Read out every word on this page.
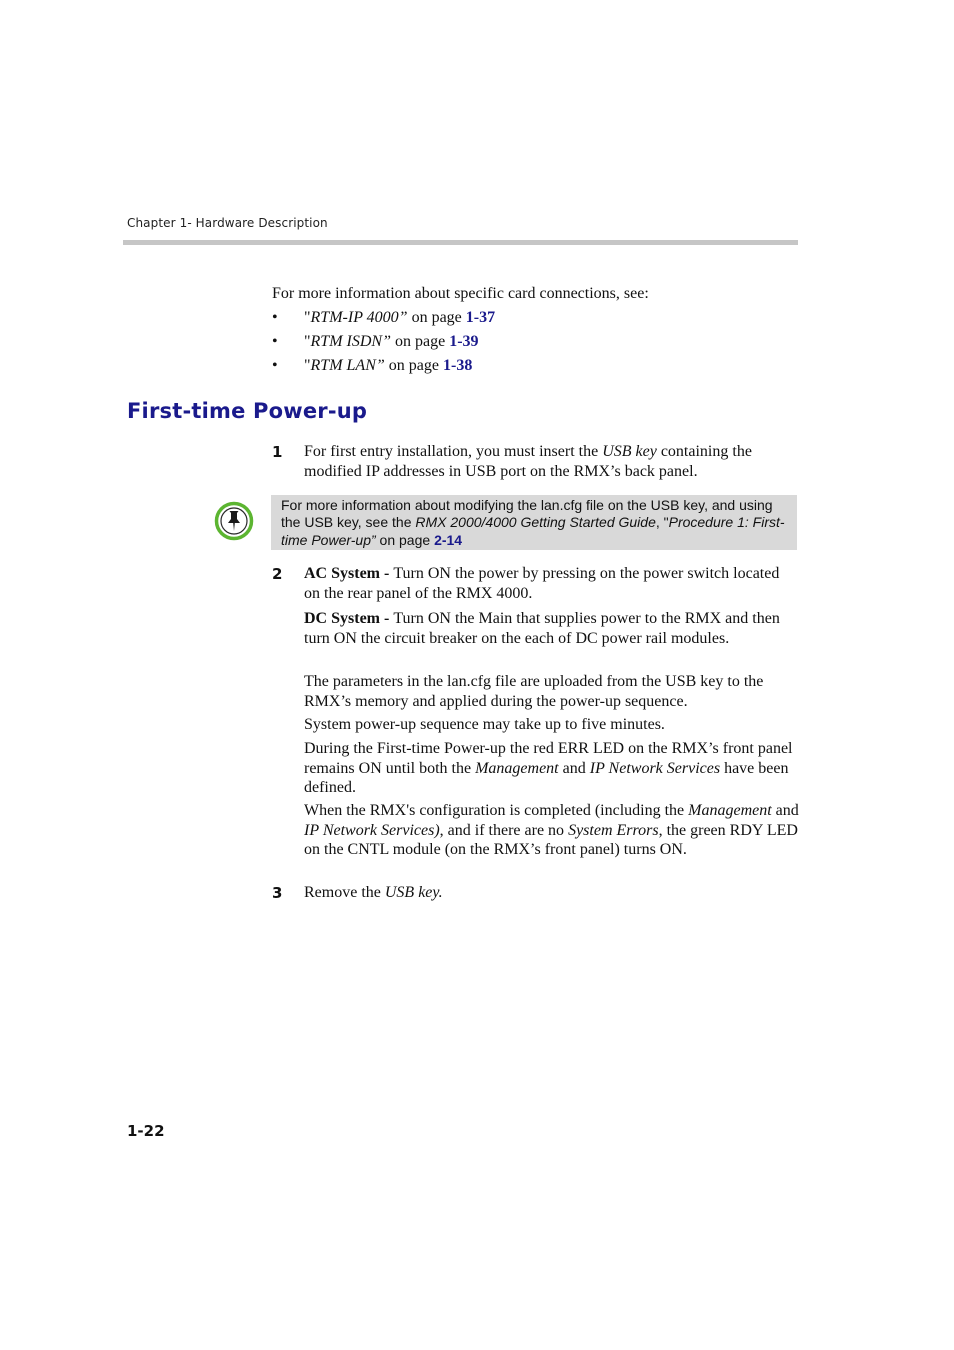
Chapter 1- Hardware Description
For more information about specific card connections, see:
•	"RTM-IP 4000” on page 1-37
•	"RTM ISDN” on page 1-39
•	"RTM LAN” on page 1-38
First-time Power-up
1 For first entry installation, you must insert the USB key containing the modified IP addresses in USB port on the RMX’s back panel.
For more information about modifying the lan.cfg file on the USB key, and using the USB key, see the RMX 2000/4000 Getting Started Guide, "Procedure 1: First-time Power-up” on page 2-14
2 AC System - Turn ON the power by pressing on the power switch located on the rear panel of the RMX 4000.
DC System - Turn ON the Main that supplies power to the RMX and then turn ON the circuit breaker on the each of DC power rail modules.
The parameters in the lan.cfg file are uploaded from the USB key to the RMX’s memory and applied during the power-up sequence.
System power-up sequence may take up to five minutes.
During the First-time Power-up the red ERR LED on the RMX’s front panel remains ON until both the Management and IP Network Services have been defined.
When the RMX's configuration is completed (including the Management and IP Network Services), and if there are no System Errors, the green RDY LED on the CNTL module (on the RMX’s front panel) turns ON.
3 Remove the USB key.
1-22
